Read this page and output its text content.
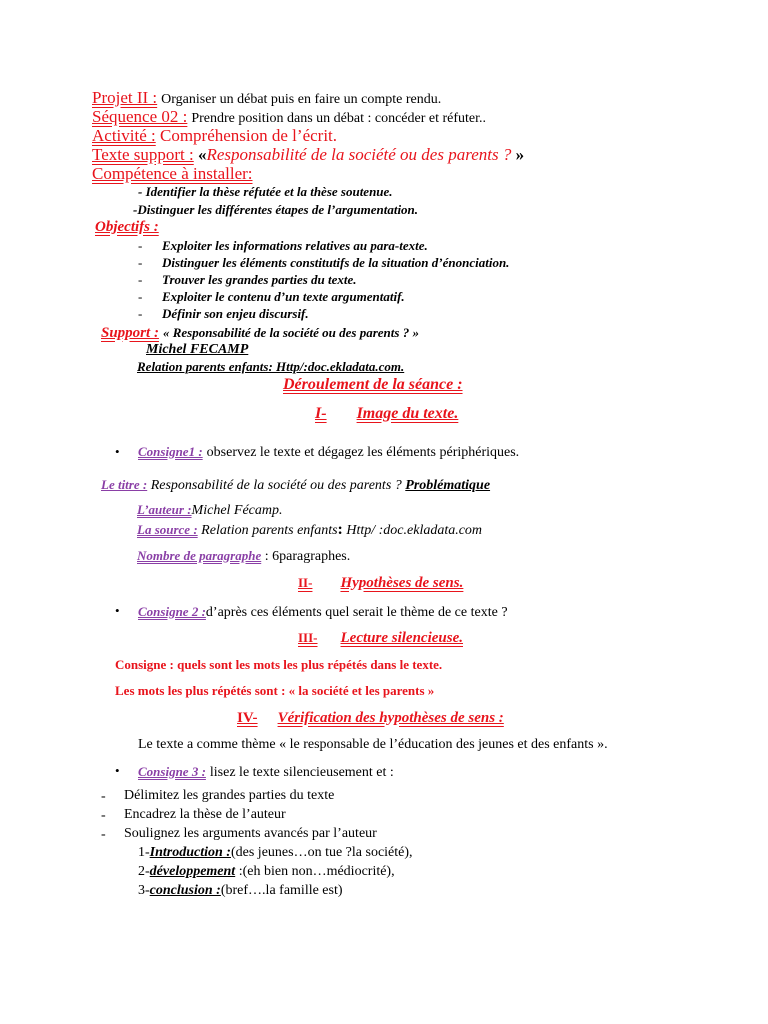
Projet II : Organiser un débat puis en faire un compte rendu.
Séquence 02 : Prendre position dans un débat : concéder et réfuter..
Activité : Compréhension de l’écrit.
Texte support : «Responsabilité de la société ou des parents ? »
Compétence à installer:
- Identifier la thèse réfutée et la thèse soutenue.
-Distinguer les différentes étapes de l’argumentation.
Objectifs :
- Exploiter les informations relatives au para-texte.
- Distinguer les éléments constitutifs de la situation d’énonciation.
- Trouver les grandes parties du texte.
- Exploiter le contenu d’un texte argumentatif.
- Définir son enjeu discursif.
Support : « Responsabilité de la société ou des parents ? »
Michel FECAMP
Relation parents enfants: Http/:doc.ekladata.com.
Déroulement de la séance :
I- Image du texte.
• Consigne1 : observez le texte et dégagez les éléments périphériques.
Le titre : Responsabilité de la société ou des parents ? Problématique
L’auteur :Michel Fécamp.
La source : Relation parents enfants: Http/ :doc.ekladata.com
Nombre de paragraphe : 6paragraphes.
II- Hypothèses de sens.
• Consigne 2 :d’après ces éléments quel serait le thème de ce texte ?
III- Lecture silencieuse.
Consigne : quels sont les mots les plus répétés dans le texte.
Les mots les plus répétés sont : « la société et les parents »
IV- Vérification des hypothèses de sens :
Le texte a comme thème « le responsable de l’éducation des jeunes et des enfants ».
• Consigne 3 : lisez le texte silencieusement et :
- Délimitez les grandes parties du texte
- Encadrez la thèse de l’auteur
- Soulignez les arguments avancés par l’auteur
1-Introduction :(des jeunes…on tue ?la société),
2-développement :(eh bien non…médiocrité),
3-conclusion :(bref….la famille est)
